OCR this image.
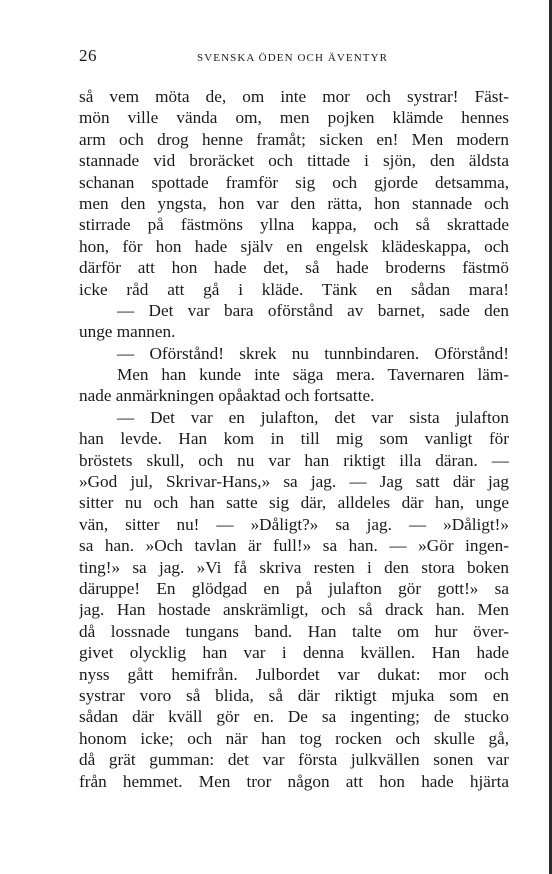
26	SVENSKA ÖDEN OCH ÄVENTYR
så vem möta de, om inte mor och systrar! Fäst-
mön ville vända om, men pojken klämde hennes
arm och drog henne framåt; sicken en! Men modern
stannade vid broräcket och tittade i sjön, den äldsta
schanan spottade framför sig och gjorde detsamma,
men den yngsta, hon var den rätta, hon stannade och
stirrade på fästmöns yllna kappa, och så skrattade
hon, för hon hade själv en engelsk klädeskappa, och
därför att hon hade det, så hade broderns fästmö
icke råd att gå i kläde. Tänk en sådan mara!
— Det var bara oförstånd av barnet, sade den
unge mannen.
— Oförstånd! skrek nu tunnbindaren. Oförstånd!
Men han kunde inte säga mera. Tavernaren läm-
nade anmärkningen opåaktad och fortsatte.
— Det var en julafton, det var sista julafton
han levde. Han kom in till mig som vanligt för
bröstets skull, och nu var han riktigt illa däran. —
»God jul, Skrivar-Hans,» sa jag. — Jag satt där jag
sitter nu och han satte sig där, alldeles där han, unge
vän, sitter nu! — »Dåligt?» sa jag. — »Dåligt!»
sa han. »Och tavlan är full!» sa han. — »Gör ingen-
ting!» sa jag. »Vi få skriva resten i den stora boken
däruppe! En glödgad en på julafton gör gott!» sa
jag. Han hostade anskrämligt, och så drack han. Men
då lossnade tungans band. Han talte om hur över-
givet olycklig han var i denna kvällen. Han hade
nyss gått hemifrån. Julbordet var dukat: mor och
systrar voro så blida, så där riktigt mjuka som en
sådan där kväll gör en. De sa ingenting; de stucko
honom icke; och när han tog rocken och skulle gå,
då grät gumman: det var första julkvällen sonen var
från hemmet. Men tror någon att hon hade hjärta
